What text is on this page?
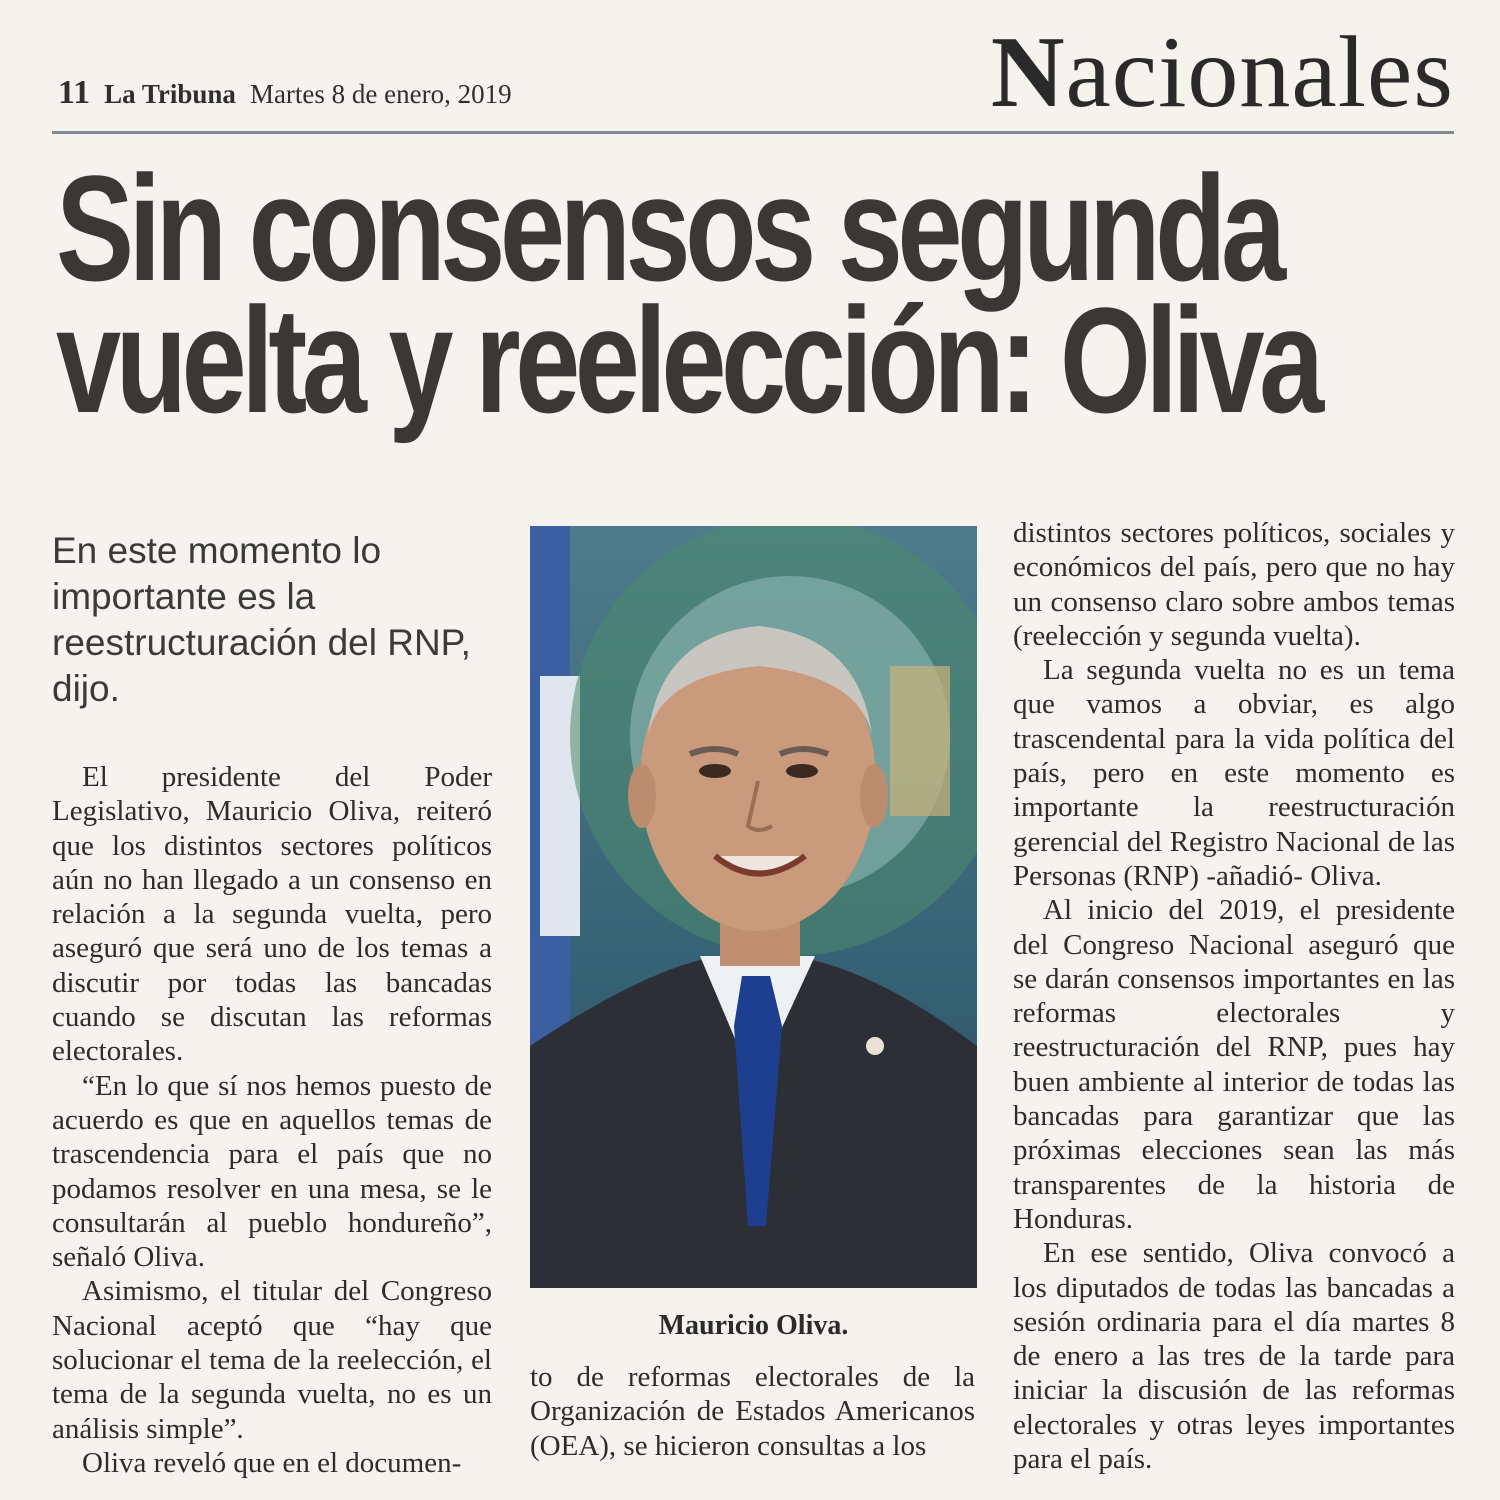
11 La Tribuna Martes 8 de enero, 2019	Nacionales
Sin consensos segunda
vuelta y reelección: Oliva
En este momento lo importante es la reestructuración del RNP, dijo.

El presidente del Poder Legislativo, Mauricio Oliva, reiteró que los distintos sectores políticos aún no han llegado a un consenso en relación a la segunda vuelta, pero aseguró que será uno de los temas a discutir por todas las bancadas cuando se discutan las reformas electorales.

“En lo que sí nos hemos puesto de acuerdo es que en aquellos temas de trascendencia para el país que no podamos resolver en una mesa, se le consultarán al pueblo hondureño”, señaló Oliva.

Asimismo, el titular del Congreso Nacional aceptó que “hay que solucionar el tema de la reelección, el tema de la segunda vuelta, no es un análisis simple”.

Oliva reveló que en el documen-

Mauricio Oliva.

to de reformas electorales de la Organización de Estados Americanos (OEA), se hicieron consultas a los

distintos sectores políticos, sociales y económicos del país, pero que no hay un consenso claro sobre ambos temas (reelección y segunda vuelta).

La segunda vuelta no es un tema que vamos a obviar, es algo trascendental para la vida política del país, pero en este momento es importante la reestructuración gerencial del Registro Nacional de las Personas (RNP) -añadió- Oliva.

Al inicio del 2019, el presidente del Congreso Nacional aseguró que se darán consensos importantes en las reformas electorales y reestructuración del RNP, pues hay buen ambiente al interior de todas las bancadas para garantizar que las próximas elecciones sean las más transparentes de la historia de Honduras.

En ese sentido, Oliva convocó a los diputados de todas las bancadas a sesión ordinaria para el día martes 8 de enero a las tres de la tarde para iniciar la discusión de las reformas electorales y otras leyes importantes para el país.
